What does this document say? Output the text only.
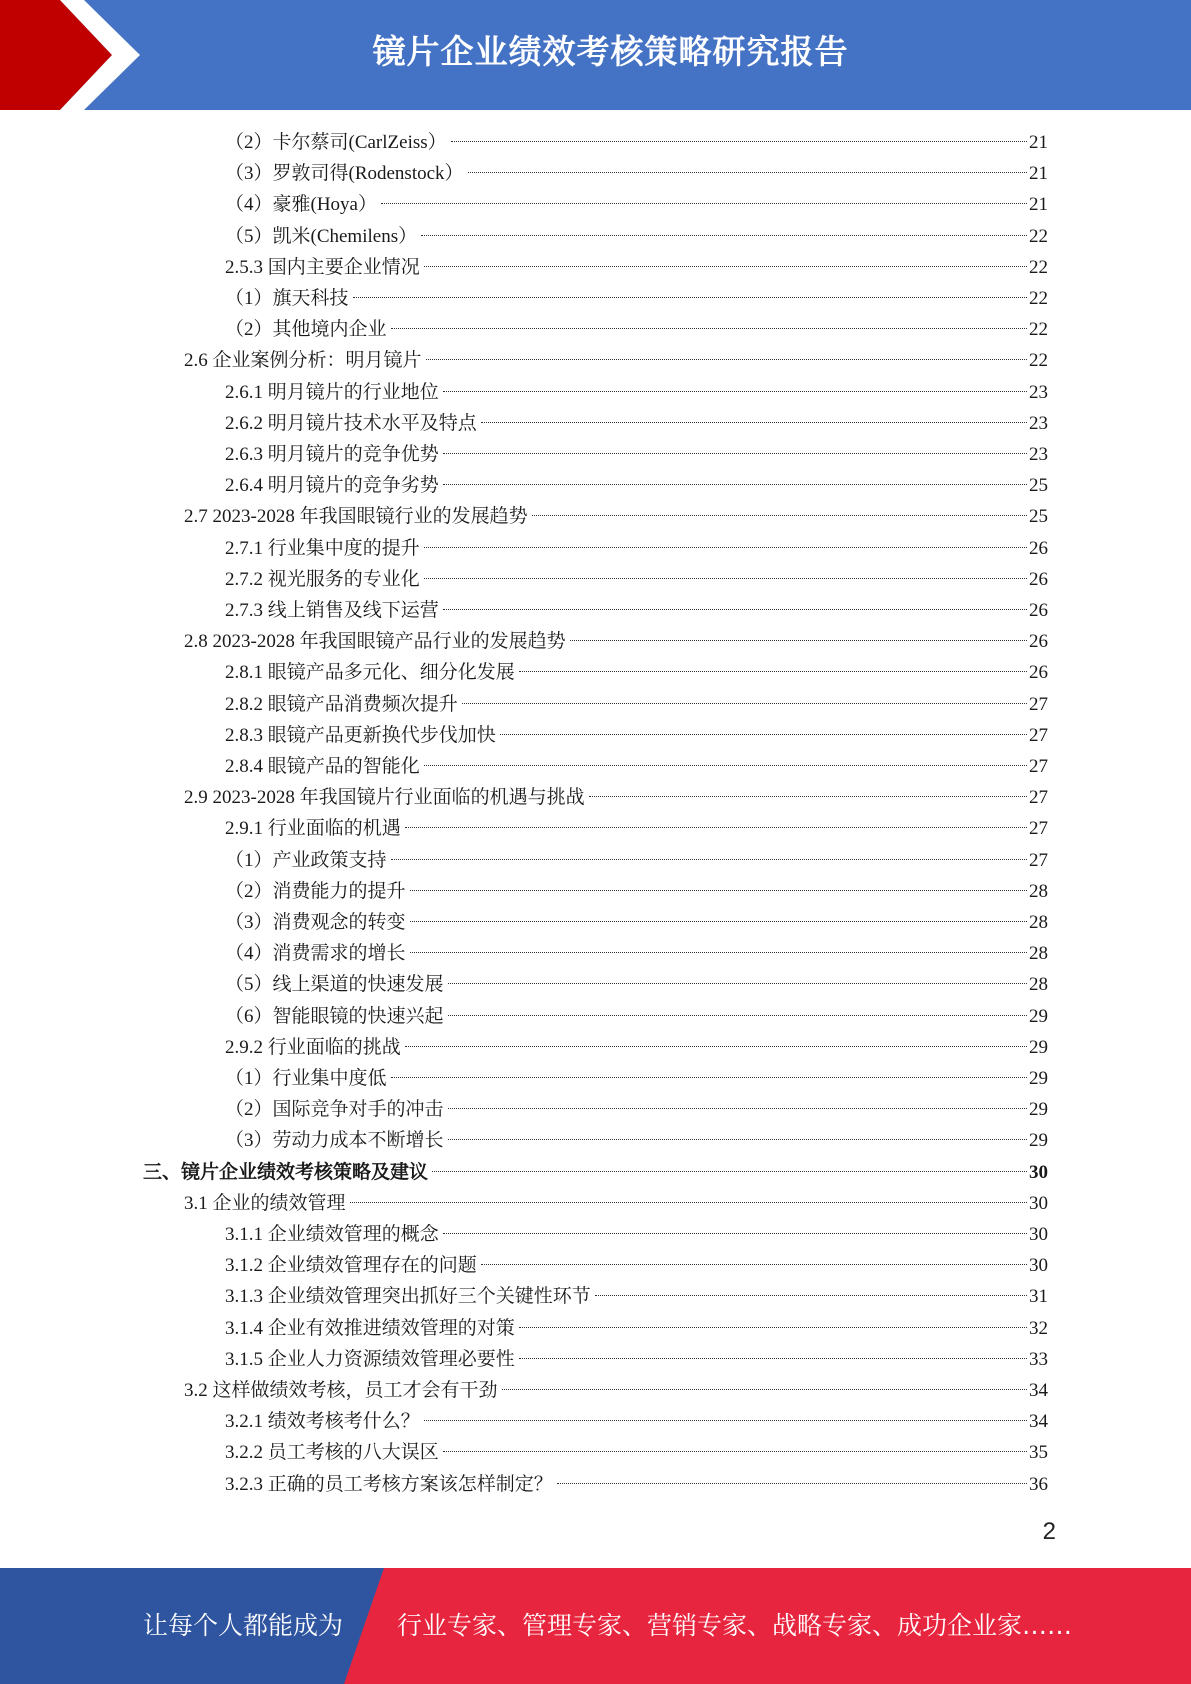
镜片企业绩效考核策略研究报告
（2）卡尔蔡司(CarlZeiss）	21
（3）罗敦司得(Rodenstock）	21
（4）豪雅(Hoya）	21
（5）凯米(Chemilens）	22
2.5.3 国内主要企业情况	22
（1）旗天科技	22
（2）其他境内企业	22
2.6 企业案例分析：明月镜片	22
2.6.1 明月镜片的行业地位	23
2.6.2 明月镜片技术水平及特点	23
2.6.3 明月镜片的竞争优势	23
2.6.4 明月镜片的竞争劣势	25
2.7 2023-2028 年我国眼镜行业的发展趋势	25
2.7.1 行业集中度的提升	26
2.7.2 视光服务的专业化	26
2.7.3 线上销售及线下运营	26
2.8 2023-2028 年我国眼镜产品行业的发展趋势	26
2.8.1 眼镜产品多元化、细分化发展	26
2.8.2 眼镜产品消费频次提升	27
2.8.3 眼镜产品更新换代步伐加快	27
2.8.4 眼镜产品的智能化	27
2.9 2023-2028 年我国镜片行业面临的机遇与挑战	27
2.9.1 行业面临的机遇	27
（1）产业政策支持	27
（2）消费能力的提升	28
（3）消费观念的转变	28
（4）消费需求的增长	28
（5）线上渠道的快速发展	28
（6）智能眼镜的快速兴起	29
2.9.2 行业面临的挑战	29
（1）行业集中度低	29
（2）国际竞争对手的冲击	29
（3）劳动力成本不断增长	29
三、镜片企业绩效考核策略及建议	30
3.1 企业的绩效管理	30
3.1.1 企业绩效管理的概念	30
3.1.2 企业绩效管理存在的问题	30
3.1.3 企业绩效管理突出抓好三个关键性环节	31
3.1.4 企业有效推进绩效管理的对策	32
3.1.5 企业人力资源绩效管理必要性	33
3.2 这样做绩效考核，员工才会有干劲	34
3.2.1 绩效考核考什么？	34
3.2.2 员工考核的八大误区	35
3.2.3 正确的员工考核方案该怎样制定？	36
2
让每个人都能成为 行业专家、管理专家、营销专家、战略专家、成功企业家……
